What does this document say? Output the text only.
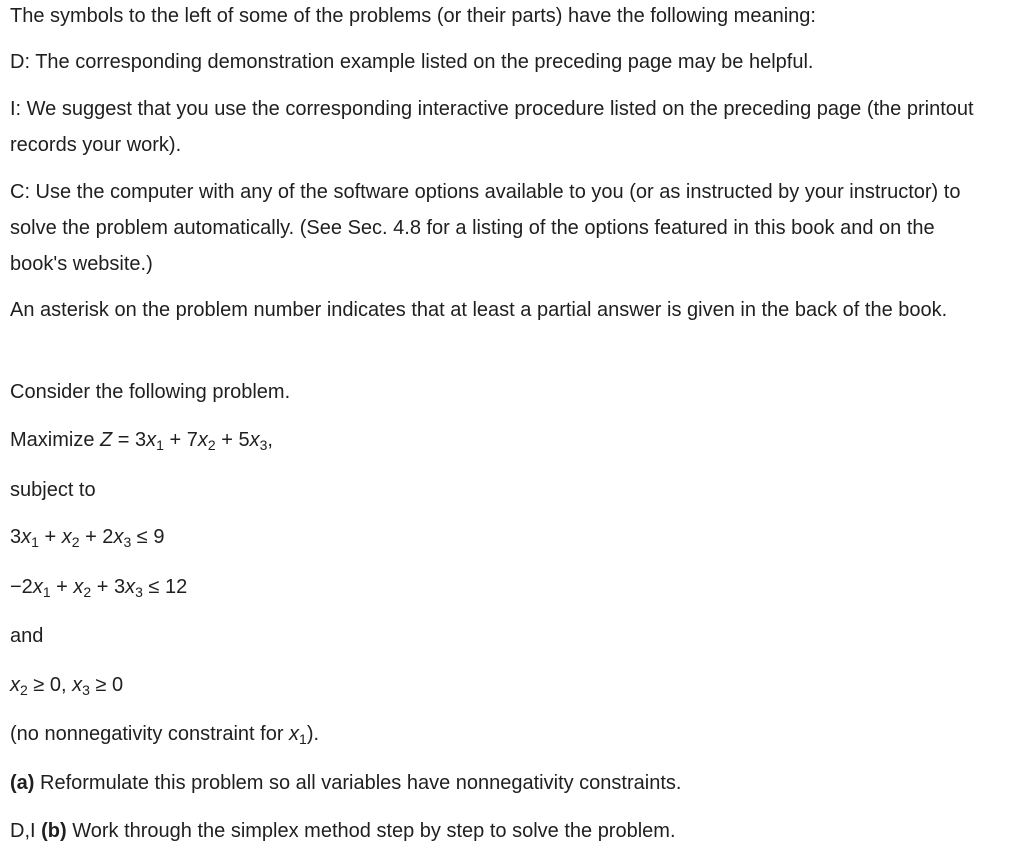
The symbols to the left of some of the problems (or their parts) have the following meaning:

D: The corresponding demonstration example listed on the preceding page may be helpful.

I: We suggest that you use the corresponding interactive procedure listed on the preceding page (the printout records your work).

C: Use the computer with any of the software options available to you (or as instructed by your instructor) to solve the problem automatically. (See Sec. 4.8 for a listing of the options featured in this book and on the book's website.)

An asterisk on the problem number indicates that at least a partial answer is given in the back of the book.

Consider the following problem.

Maximize $Z = 3x_1 + 7x_2 + 5x_3$,

subject to

$3x_1 + x_2 + 2x_3 \le 9$

$-2x_1 + x_2 + 3x_3 \le 12$

and

$x_2 \ge 0$, $x_3 \ge 0$

(no nonnegativity constraint for $x_1$).

(a) Reformulate this problem so all variables have nonnegativity constraints.

D,I (b) Work through the simplex method step by step to solve the problem.
